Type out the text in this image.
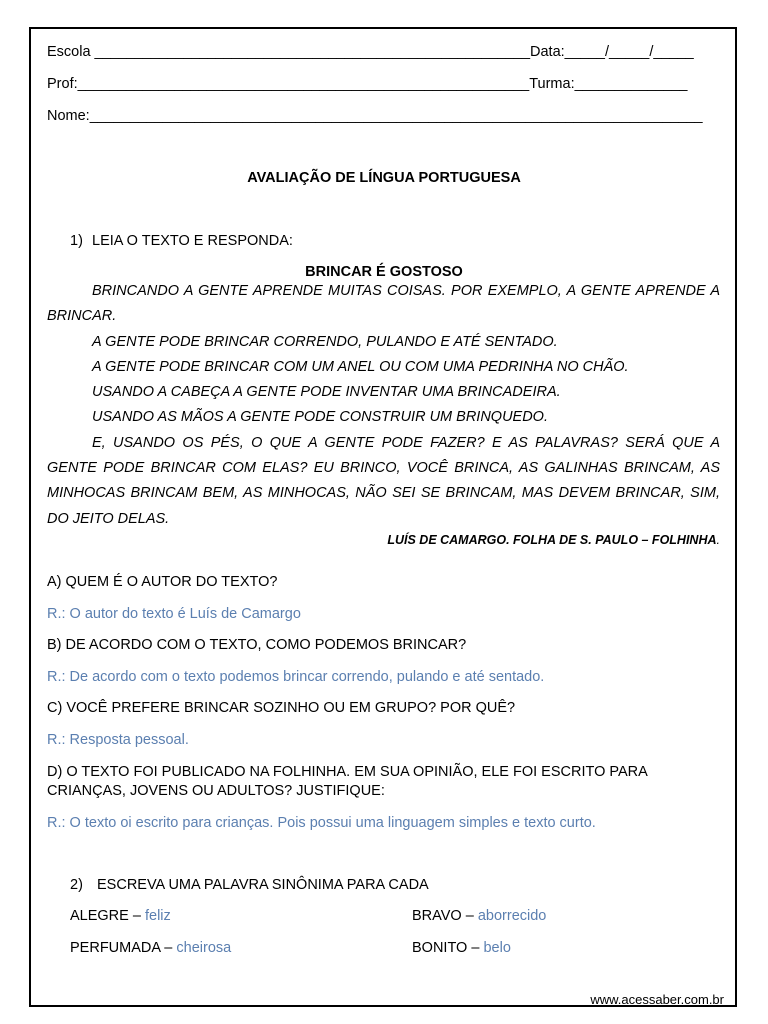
Escola ______________________________________________________Data:_____/_____/_____
Prof:________________________________________________________Turma:______________
Nome:____________________________________________________________________________
AVALIAÇÃO DE LÍNGUA PORTUGUESA
1) LEIA O TEXTO E RESPONDA:
BRINCAR É GOSTOSO

BRINCANDO A GENTE APRENDE MUITAS COISAS. POR EXEMPLO, A GENTE APRENDE A BRINCAR.

A GENTE PODE BRINCAR CORRENDO, PULANDO E ATÉ SENTADO.

A GENTE PODE BRINCAR COM UM ANEL OU COM UMA PEDRINHA NO CHÃO.

USANDO A CABEÇA A GENTE PODE INVENTAR UMA BRINCADEIRA.

USANDO AS MÃOS A GENTE PODE CONSTRUIR UM BRINQUEDO.

E, USANDO OS PÉS, O QUE A GENTE PODE FAZER? E AS PALAVRAS? SERÁ QUE A GENTE PODE BRINCAR COM ELAS? EU BRINCO, VOCÊ BRINCA, AS GALINHAS BRINCAM, AS MINHOCAS BRINCAM BEM, AS MINHOCAS, NÃO SEI SE BRINCAM, MAS DEVEM BRINCAR, SIM, DO JEITO DELAS.

LUÍS DE CAMARGO. FOLHA DE S. PAULO – FOLHINHA.
A) QUEM É O AUTOR DO TEXTO?
R.: O autor do texto é Luís de Camargo
B) DE ACORDO COM O TEXTO, COMO PODEMOS BRINCAR?
R.: De acordo com o texto podemos brincar correndo, pulando e até sentado.
C) VOCÊ PREFERE BRINCAR SOZINHO OU EM GRUPO? POR QUÊ?
R.: Resposta pessoal.
D) O TEXTO FOI PUBLICADO NA FOLHINHA. EM SUA OPINIÃO, ELE FOI ESCRITO PARA
CRIANÇAS, JOVENS OU ADULTOS? JUSTIFIQUE:
R.: O texto oi escrito para crianças. Pois possui uma linguagem simples e texto curto.
2) ESCREVA UMA PALAVRA SINÔNIMA PARA CADA
ALEGRE – feliz	BRAVO – aborrecido
PERFUMADA – cheirosa	BONITO – belo
www.acessaber.com.br
